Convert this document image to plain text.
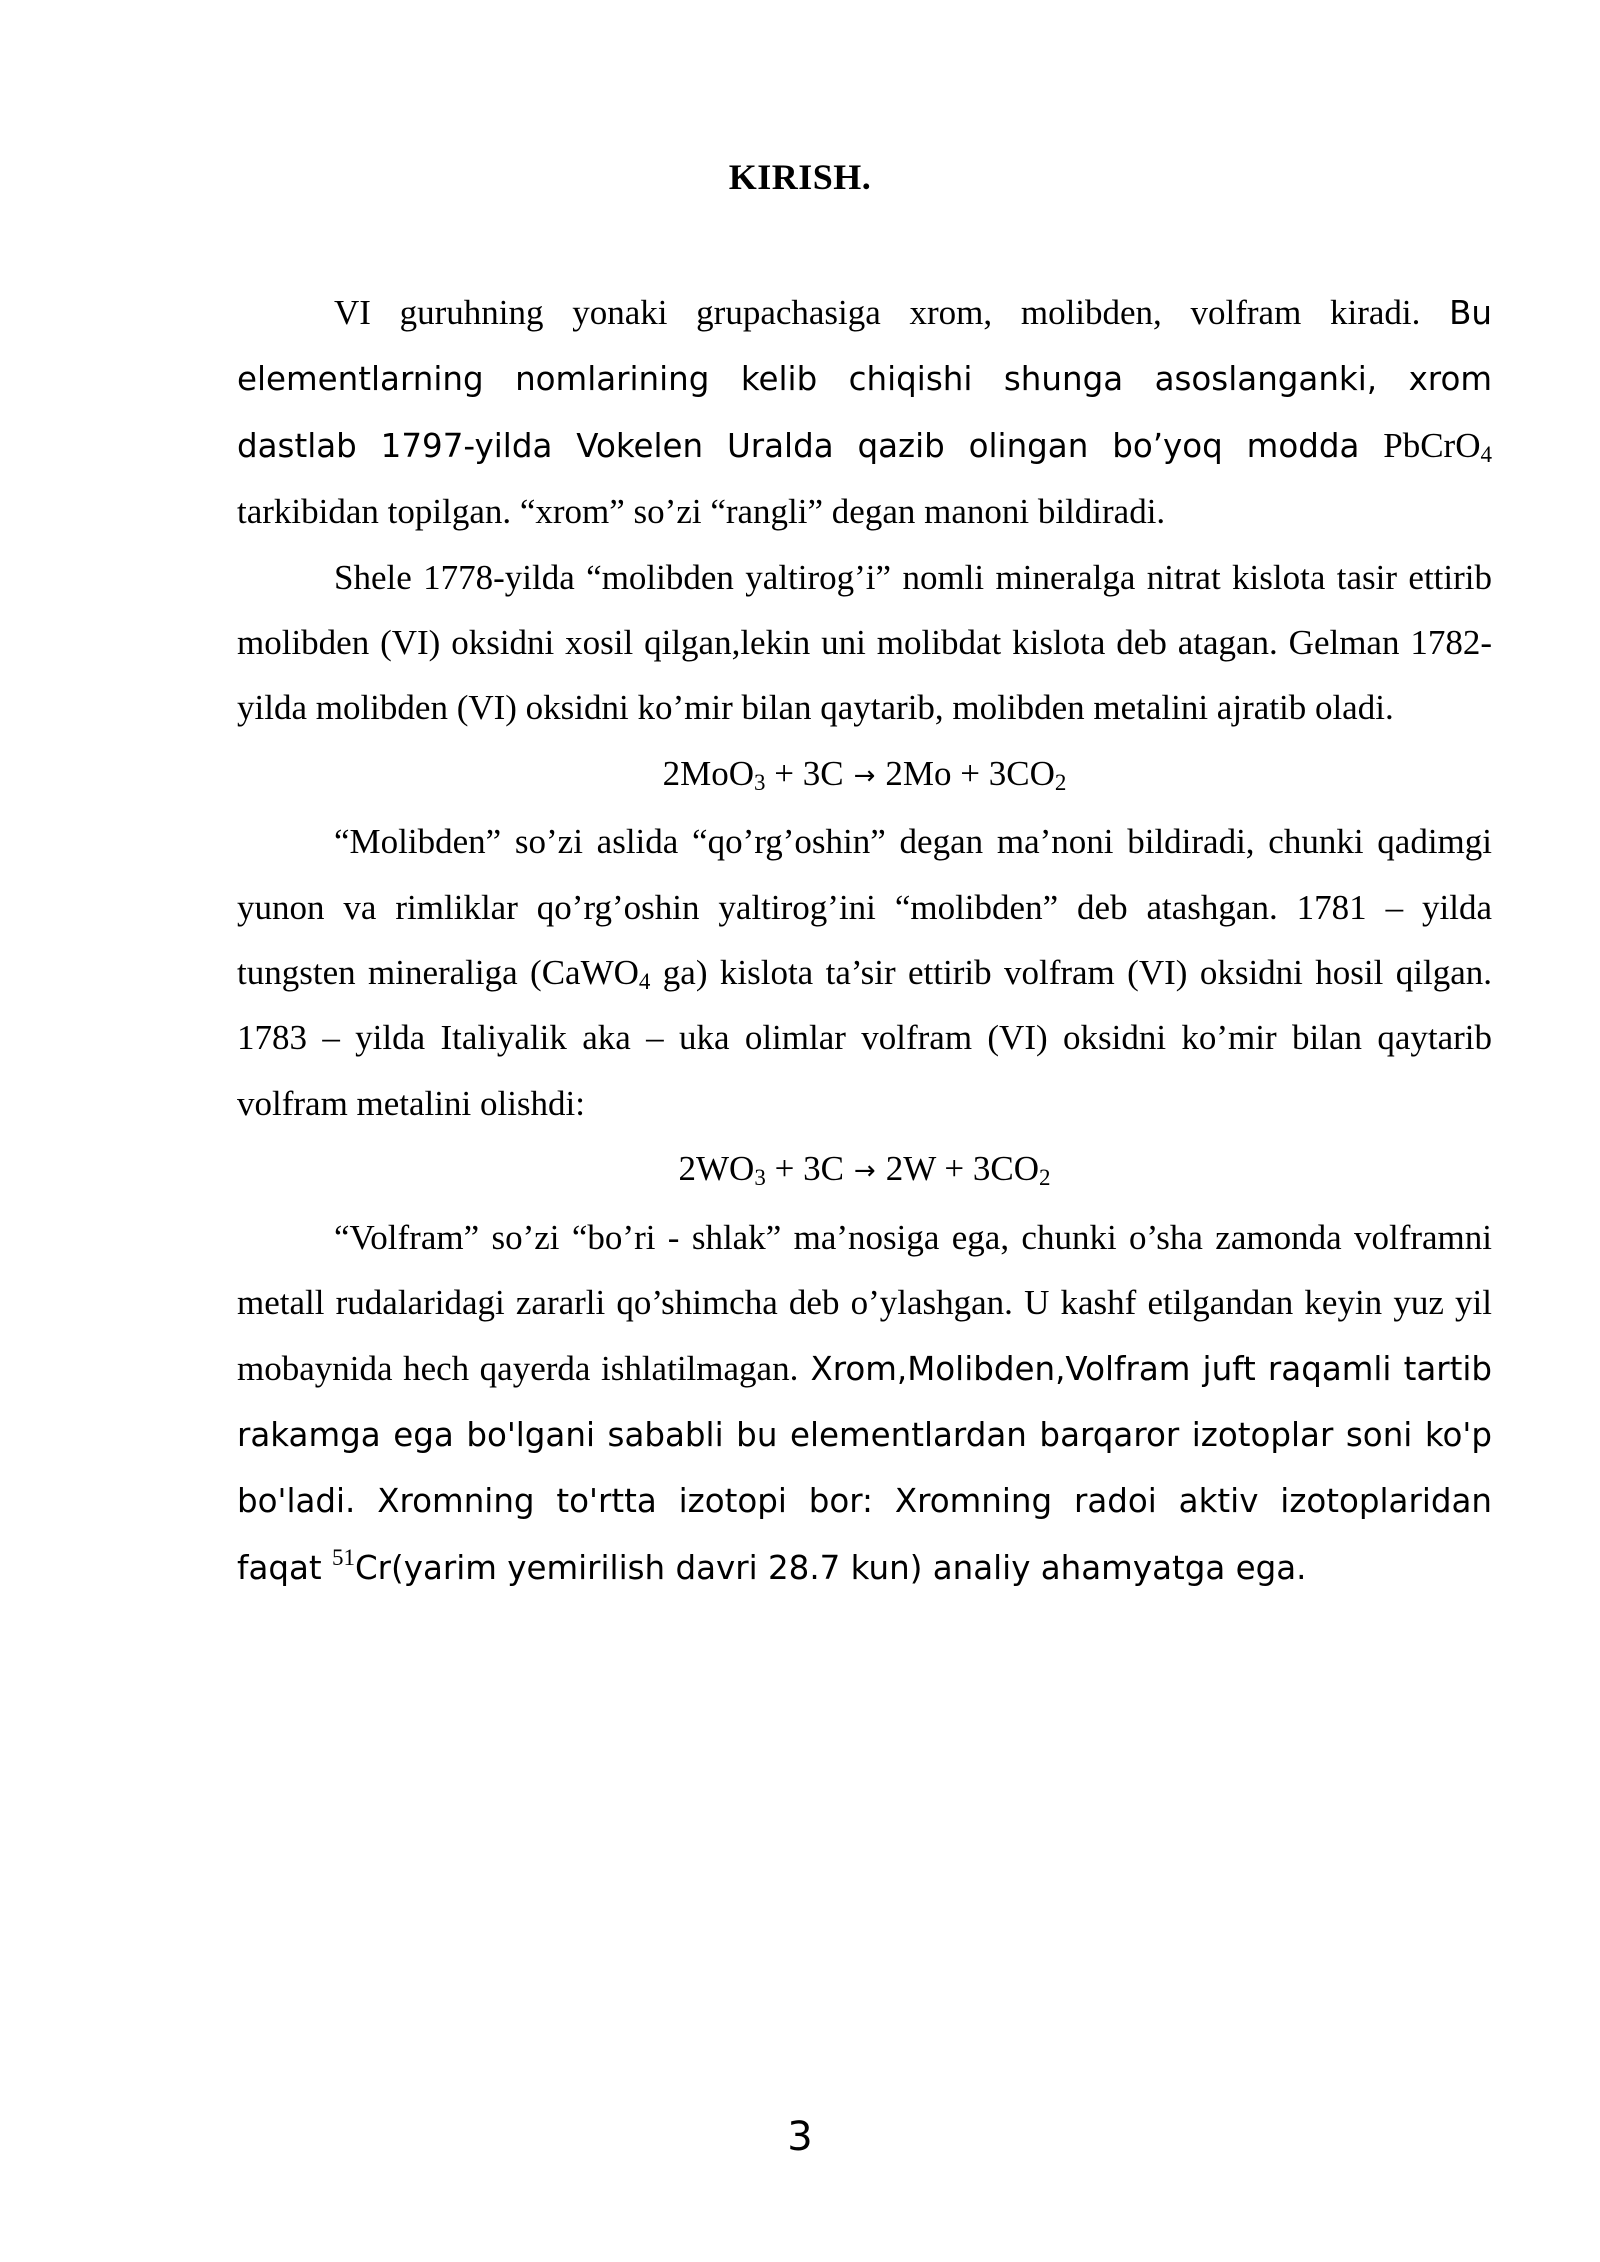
KIRISH.

VI guruhning yonaki grupachasiga xrom, molibden, volfram kiradi. Bu elementlarning nomlarining kelib chiqishi shunga asoslanganki, xrom dastlab 1797-yilda Vokelen Uralda qazib olingan bo’yoq modda PbCrO$_4$ tarkibidan topilgan. “xrom” so’zi “rangli” degan manoni bildiradi.

Shele 1778-yilda “molibden yaltirog’i” nomli mineralga nitrat kislota tasir ettirib molibden (VI) oksidni xosil qilgan,lekin uni molibdat kislota deb atagan. Gelman 1782-yilda molibden (VI) oksidni ko’mir bilan qaytarib, molibden metalini ajratib oladi.

$2MoO_3 + 3C \to 2Mo + 3CO_2$

“Molibden” so’zi aslida “qo’rg’oshin” degan ma’noni bildiradi, chunki qadimgi yunon va rimliklar qo’rg’oshin yaltirog’ini “molibden” deb atashgan. 1781 – yilda tungsten mineraliga (CaWO$_4$ ga) kislota ta’sir ettirib volfram (VI) oksidni hosil qilgan. 1783 – yilda Italiyalik aka – uka olimlar volfram (VI) oksidni ko’mir bilan qaytarib volfram metalini olishdi:

$2WO_3 + 3C \to 2W + 3CO_2$

“Volfram” so’zi “bo’ri - shlak” ma’nosiga ega, chunki o’sha zamonda volframni metall rudalaridagi zararli qo’shimcha deb o’ylashgan. U kashf etilgandan keyin yuz yil mobaynida hech qayerda ishlatilmagan. Xrom,Molibden,Volfram juft raqamli tartib rakamga ega bo'lgani sababli bu elementlardan barqaror izotoplar soni ko'p bo'ladi. Xromning to'rtta izotopi bor: Xromning radoi aktiv izotoplaridan faqat $^{51}$Cr(yarim yemirilish davri 28.7 kun) analiy ahamyatga ega.

3
